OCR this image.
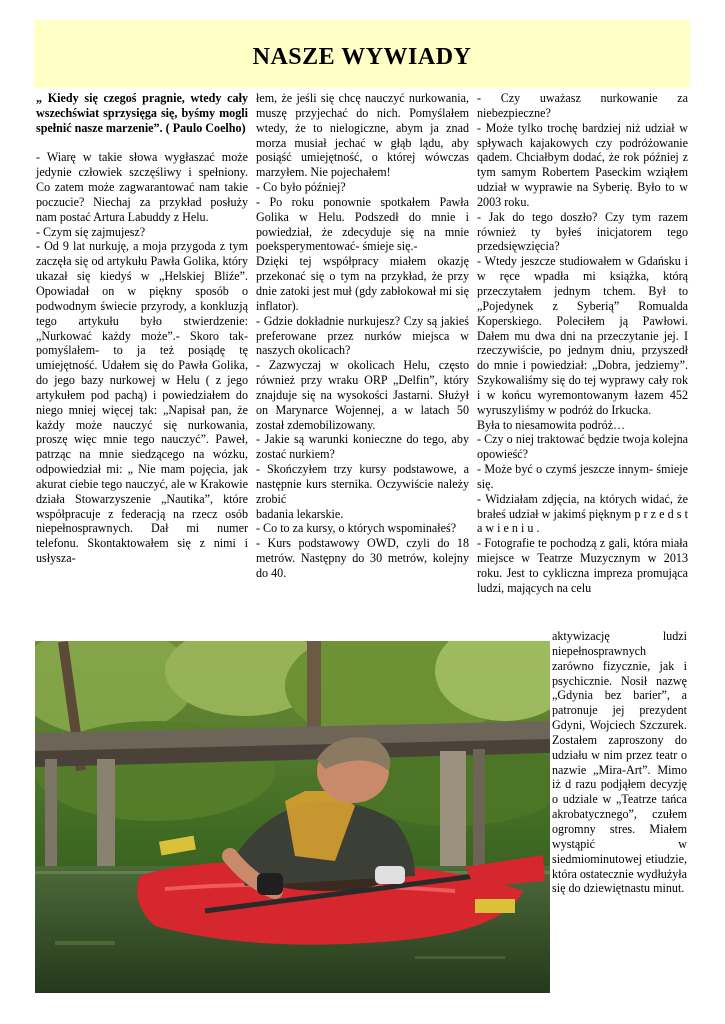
NASZE WYWIADY

„ Kiedy się czegoś pragnie, wtedy cały wszechświat sprzysięga się, byśmy mogli spełnić nasze marzenie”. ( Paulo Coelho)

- Wiarę w takie słowa wygłaszać może jedynie człowiek szczęśliwy i spełniony. Co zatem może zagwarantować nam takie poczucie? Niechaj za przykład posłuży nam postać Artura Labuddy z Helu.

- Czym się zajmujesz?

- Od 9 lat nurkuję, a moja przygoda z tym zaczęła się od artykułu Pawła Golika, który ukazał się kiedyś w „Helskiej Bliźe”. Opowiadał on w piękny sposób o podwodnym świecie przyrody, a konkluzją tego artykułu było stwierdzenie: „Nurkować każdy może”.- Skoro tak- pomyślałem- to ja też posiądę tę umiejętność. Udałem się do Pawła Golika, do jego bazy nurkowej w Helu ( z jego artykułem pod pachą) i powiedziałem do niego mniej więcej tak: „Napisał pan, że każdy może nauczyć się nurkowania, proszę więc mnie tego nauczyć”. Paweł, patrząc na mnie siedzącego na wózku, odpowiedział mi: „ Nie mam pojęcia, jak akurat ciebie tego nauczyć, ale w Krakowie działa Stowarzyszenie „Nautika”, które współpracuje z federacją na rzecz osób niepełnosprawnych. Dał mi numer telefonu. Skontaktowałem się z nimi i usłysza-

łem, że jeśli się chcę nauczyć nurkowania, muszę przyjechać do nich. Pomyślałem wtedy, że to nielogiczne, abym ja znad morza musiał jechać w głąb lądu, aby posiąść umiejętność, o której wówczas marzyłem. Nie pojechałem!

- Co było później?

- Po roku ponownie spotkałem Pawła Golika w Helu. Podszedł do mnie i powiedział, że zdecyduje się na mnie poeksperymentować- śmieje się.-

Dzięki tej współpracy miałem okazję przekonać się o tym na przykład, że przy dnie zatoki jest muł (gdy zabłokował mi się inflator).

- Gdzie dokładnie nurkujesz? Czy są jakieś preferowane przez nurków miejsca w naszych okolicach?

- Zazwyczaj w okolicach Helu, często również przy wraku ORP „Delfin”, który znajduje się na wysokości Jastarni. Służył on Marynarce Wojennej, a w latach 50 został zdemobilizowany.

- Jakie są warunki konieczne do tego, aby zostać nurkiem?

- Skończyłem trzy kursy podstawowe, a następnie kurs sternika. Oczywiście należy zrobić

badania lekarskie.

- Co to za kursy, o których wspominałeś?

- Kurs podstawowy OWD, czyli do 18 metrów. Następny do 30 metrów, kolejny do 40.

- Czy uważasz nurkowanie za niebezpieczne?

- Może tylko trochę bardziej niż udział w spływach kajakowych czy podróżowanie qadem. Chciałbym dodać, że rok później z tym samym Robertem Paseckim wziąłem udział w wyprawie na Syberię. Było to w 2003 roku.

- Jak do tego doszło? Czy tym razem również ty byłeś inicjatorem tego przedsięwzięcia?

- Wtedy jeszcze studiowałem w Gdańsku i w ręce wpadła mi książka, którą przeczytałem jednym tchem. Był to „Pojedynek z Syberią” Romualda Koperskiego. Poleciłem ją Pawłowi. Dałem mu dwa dni na przeczytanie jej. I rzeczywiście, po jednym dniu, przyszedł do mnie i powiedział: „Dobra, jedziemy”. Szykowaliśmy się do tej wyprawy cały rok i w końcu wyremontowanym łazem 452 wyruszyliśmy w podróż do Irkucka.

Była to niesamowita podróż…

- Czy o niej traktować będzie twoja kolejna opowieść?

- Może być o czymś jeszcze innym- śmieje się.

- Widziałam zdjęcia, na których widać, że brałeś udział w jakimś pięknym p r z e d s t a w i e n i u .

- Fotografie te pochodzą z gali, która miała miejsce w Teatrze Muzycznym w 2013 roku. Jest to cykliczna impreza promująca ludzi, mających na celu

aktywizację ludzi niepełnosprawnych zarówno fizycznie, jak i psychicznie. Nosił nazwę „Gdynia bez barier”, a patronuje jej prezydent Gdyni, Wojciech Szczurek. Zostałem zaproszony do udziału w nim przez teatr o nazwie „Mira-Art”. Mimo iż d razu podjąłem decyzję o udziale w „Teatrze tańca akrobatycznego”, czułem ogromny stres. Miałem wystąpić w siedmiominutowej etiudzie, która ostatecznie wydłużyła się do dziewiętnastu minut.
